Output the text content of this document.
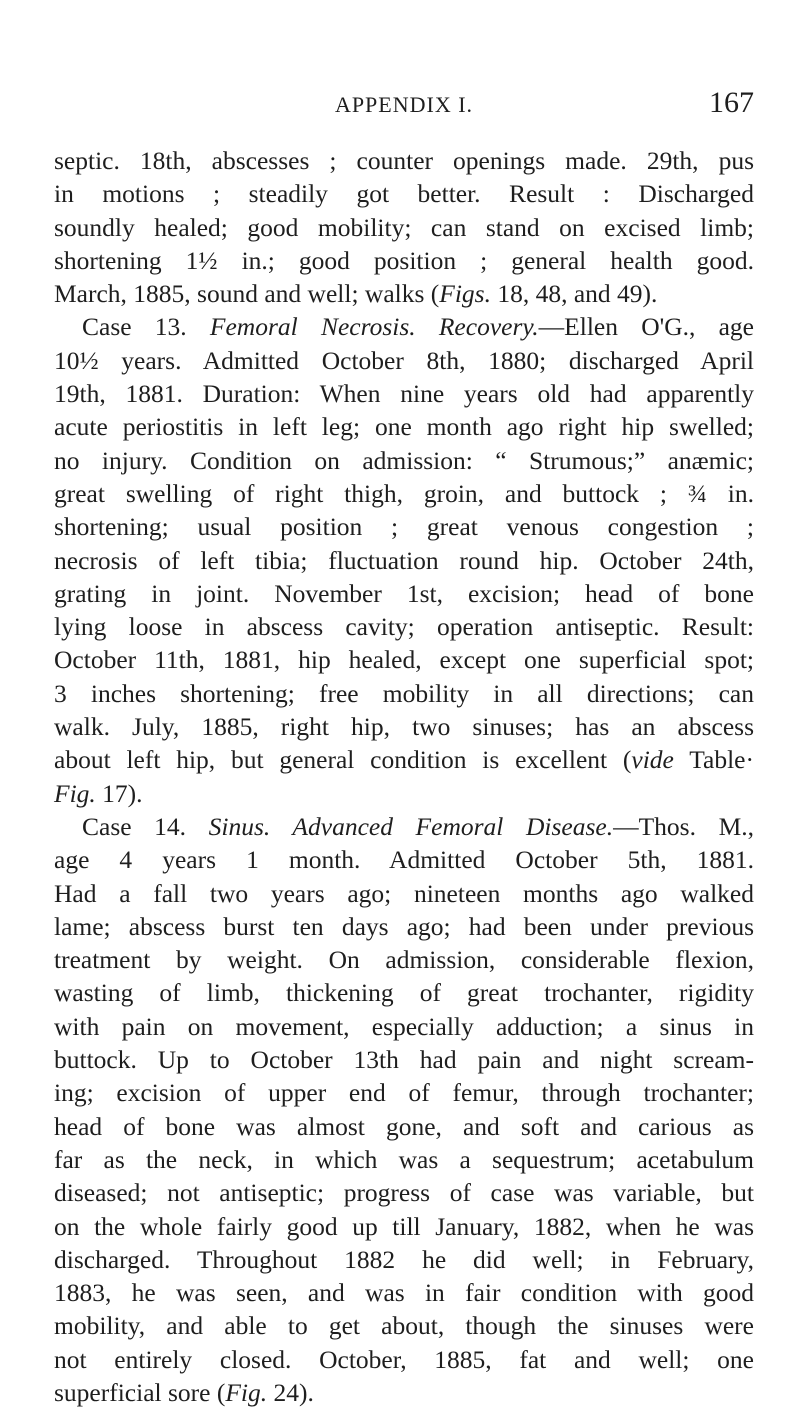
APPENDIX I.	167
septic. 18th, abscesses ; counter openings made. 29th, pus
in motions ; steadily got better. Result : Discharged
soundly healed; good mobility; can stand on excised limb;
shortening 1½ in.; good position ; general health good.
March, 1885, sound and well; walks (Figs. 18, 48, and 49).
Case 13. Femoral Necrosis. Recovery.—Ellen O'G., age
10½ years. Admitted October 8th, 1880; discharged April
19th, 1881. Duration: When nine years old had apparently
acute periostitis in left leg; one month ago right hip swelled;
no injury. Condition on admission: “ Strumous;” anæmic;
great swelling of right thigh, groin, and buttock ; ¾ in.
shortening; usual position ; great venous congestion ;
necrosis of left tibia; fluctuation round hip. October 24th,
grating in joint. November 1st, excision; head of bone
lying loose in abscess cavity; operation antiseptic. Result:
October 11th, 1881, hip healed, except one superficial spot;
3 inches shortening; free mobility in all directions; can
walk. July, 1885, right hip, two sinuses; has an abscess
about left hip, but general condition is excellent (vide Table·
Fig. 17).
Case 14. Sinus. Advanced Femoral Disease.—Thos. M.,
age 4 years 1 month. Admitted October 5th, 1881.
Had a fall two years ago; nineteen months ago walked
lame; abscess burst ten days ago; had been under previous
treatment by weight. On admission, considerable flexion,
wasting of limb, thickening of great trochanter, rigidity
with pain on movement, especially adduction; a sinus in
buttock. Up to October 13th had pain and night scream-
ing; excision of upper end of femur, through trochanter;
head of bone was almost gone, and soft and carious as
far as the neck, in which was a sequestrum; acetabulum
diseased; not antiseptic; progress of case was variable, but
on the whole fairly good up till January, 1882, when he was
discharged. Throughout 1882 he did well; in February,
1883, he was seen, and was in fair condition with good
mobility, and able to get about, though the sinuses were
not entirely closed. October, 1885, fat and well; one
superficial sore (Fig. 24).
